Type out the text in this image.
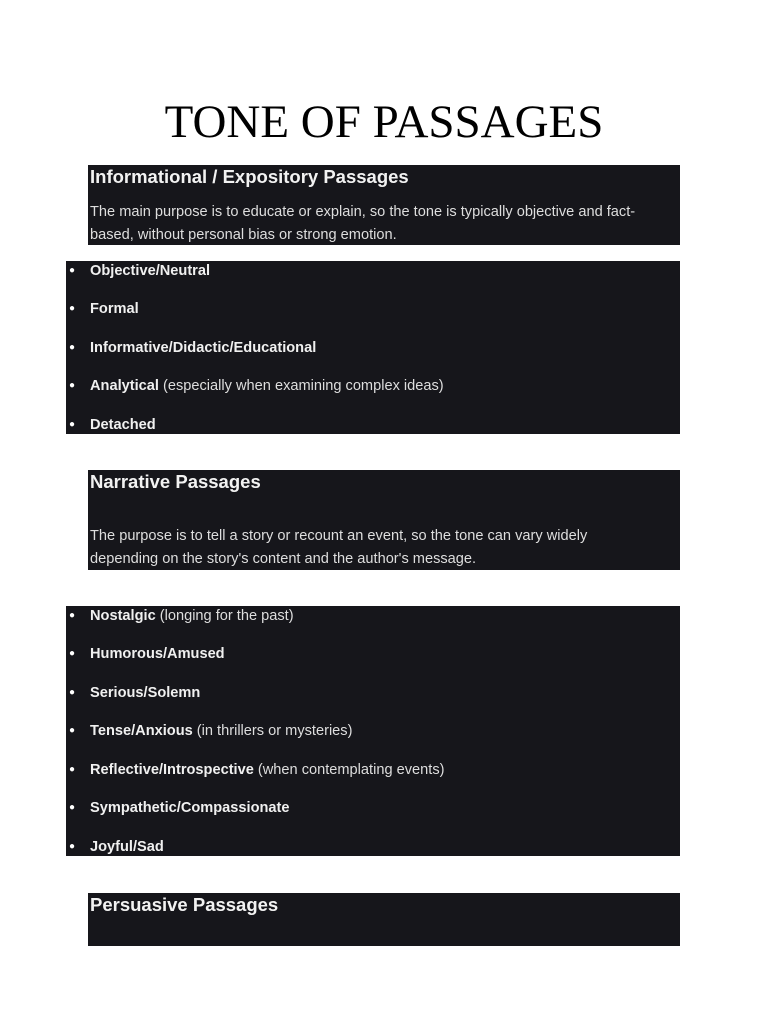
TONE OF PASSAGES
Informational / Expository Passages

The main purpose is to educate or explain, so the tone is typically objective and fact-
based, without personal bias or strong emotion.

● Objective/Neutral
● Formal
● Informative/Didactic/Educational
● Analytical (especially when examining complex ideas)
● Detached
Narrative Passages

The purpose is to tell a story or recount an event, so the tone can vary widely
depending on the story's content and the author's message.

● Nostalgic (longing for the past)
● Humorous/Amused
● Serious/Solemn
● Tense/Anxious (in thrillers or mysteries)
● Reflective/Introspective (when contemplating events)
● Sympathetic/Compassionate
● Joyful/Sad
Persuasive Passages
